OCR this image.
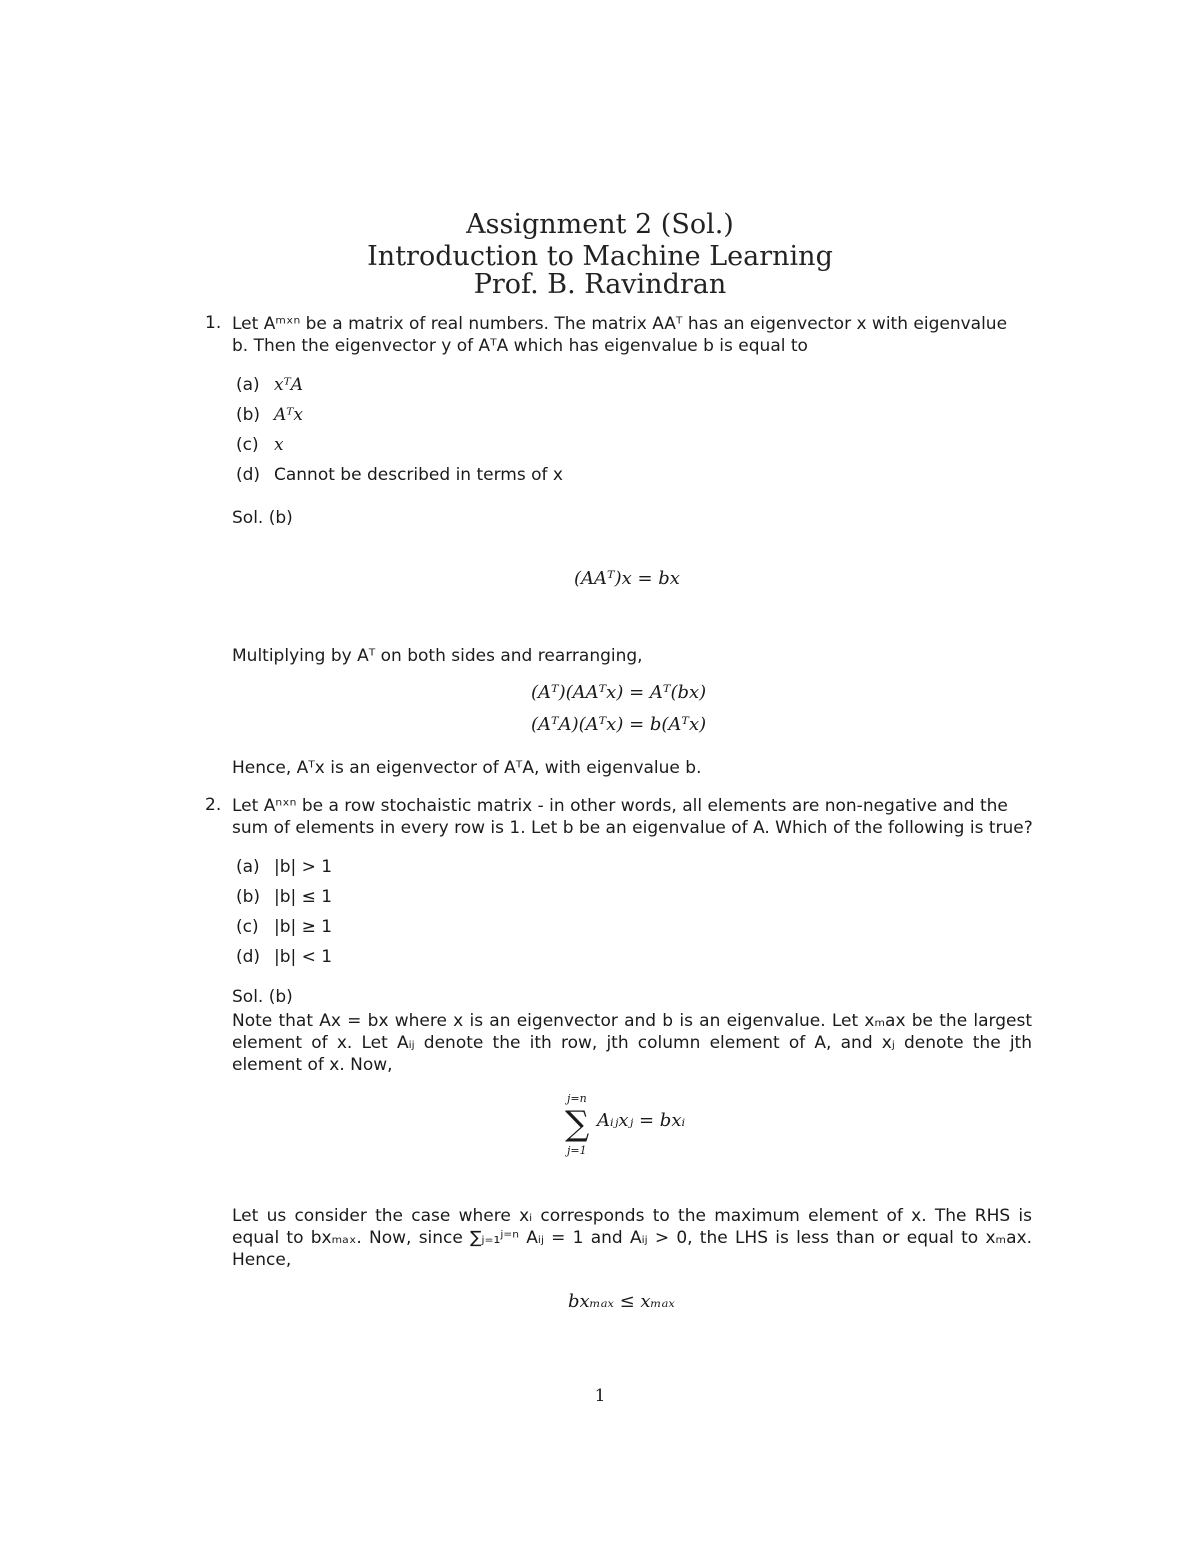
Assignment 2 (Sol.)
Introduction to Machine Learning
Prof. B. Ravindran
1. Let Aᵐˣⁿ be a matrix of real numbers. The matrix AAᵀ has an eigenvector x with eigenvalue
b. Then the eigenvector y of AᵀA which has eigenvalue b is equal to
(a) xᵀA
(b) Aᵀx
(c) x
(d) Cannot be described in terms of x
Sol. (b)
(AAᵀ)x = bx
Multiplying by Aᵀ on both sides and rearranging,
(Aᵀ)(AAᵀx) = Aᵀ(bx)
(AᵀA)(Aᵀx) = b(Aᵀx)
Hence, Aᵀx is an eigenvector of AᵀA, with eigenvalue b.
2. Let Aⁿˣⁿ be a row stochaistic matrix - in other words, all elements are non-negative and the
sum of elements in every row is 1. Let b be an eigenvalue of A. Which of the following is true?
(a) |b| > 1
(b) |b| ≤ 1
(c) |b| ≥ 1
(d) |b| < 1
Sol. (b)
Note that Ax = bx where x is an eigenvector and b is an eigenvalue. Let xₘax be the largest element of x. Let Aᵢⱼ denote the ith row, jth column element of A, and xⱼ denote the jth element of x. Now,
j=n
∑
j=1
Aᵢⱼxⱼ = bxᵢ
Let us consider the case where xᵢ corresponds to the maximum element of x. The RHS is equal to bxₘₐₓ. Now, since ∑ⱼ₌₁ʲ⁼ⁿ Aᵢⱼ = 1 and Aᵢⱼ > 0, the LHS is less than or equal to xₘax. Hence,
bxₘₐₓ ≤ xₘₐₓ
1
